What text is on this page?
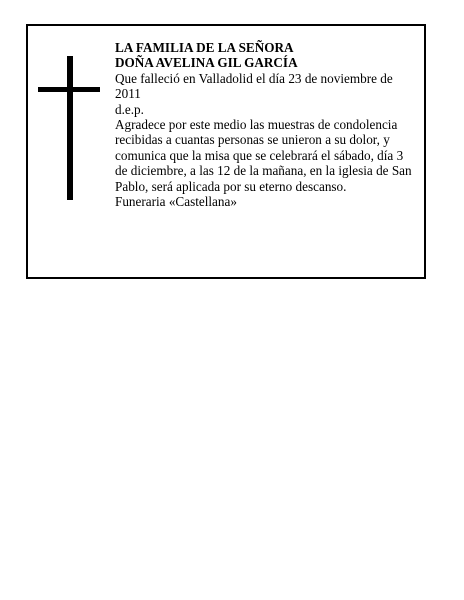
LA FAMILIA DE LA SEÑORA
DOÑA AVELINA GIL GARCÍA
Que falleció en Valladolid el día 23 de noviembre de 2011
d.e.p.
Agradece por este medio las muestras de condolencia recibidas a cuantas personas se unieron a su dolor, y comunica que la misa que se celebrará el sábado, día 3 de diciembre, a las 12 de la mañana, en la iglesia de San Pablo, será aplicada por su eterno descanso.
Funeraria «Castellana»
